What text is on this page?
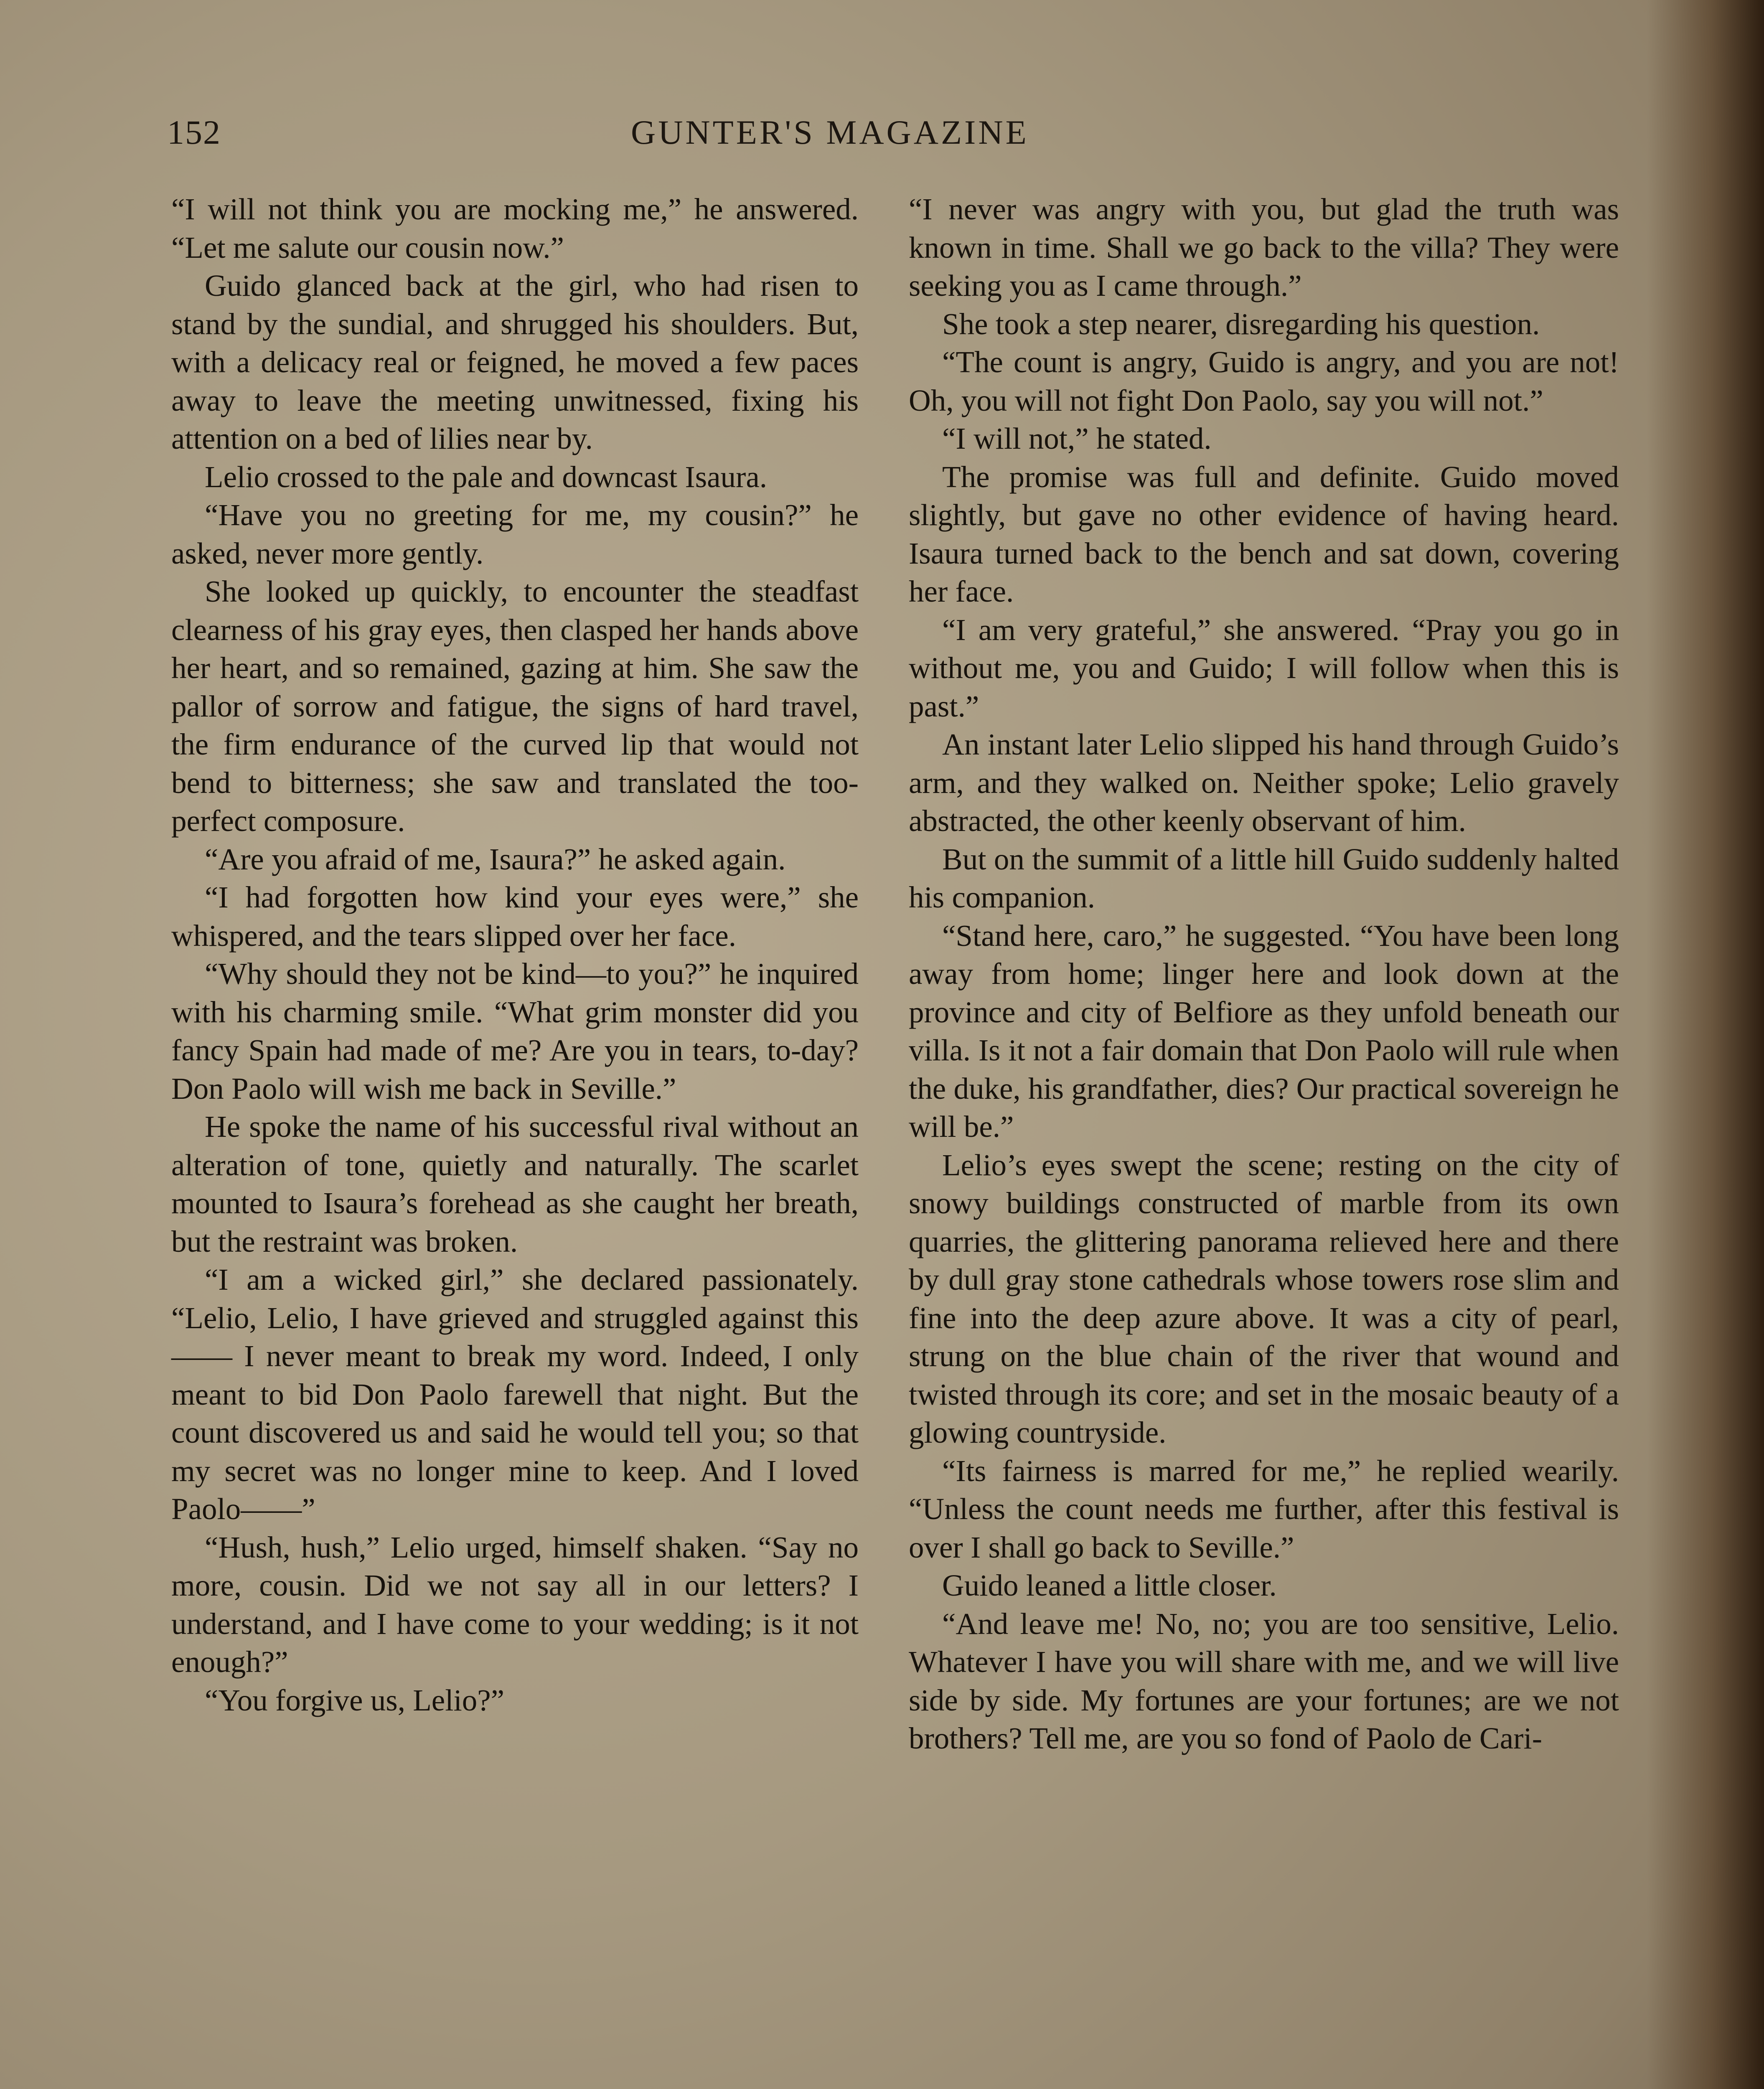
152	GUNTER'S MAGAZINE

“I will not think you are mocking me,” he answered. “Let me salute our cousin now.”

Guido glanced back at the girl, who had risen to stand by the sundial, and shrugged his shoulders. But, with a delicacy real or feigned, he moved a few paces away to leave the meeting unwitnessed, fixing his attention on a bed of lilies near by.

Lelio crossed to the pale and downcast Isaura.

“Have you no greeting for me, my cousin?” he asked, never more gently.

She looked up quickly, to encounter the steadfast clearness of his gray eyes, then clasped her hands above her heart, and so remained, gazing at him. She saw the pallor of sorrow and fatigue, the signs of hard travel, the firm endurance of the curved lip that would not bend to bitterness; she saw and translated the too-perfect composure.

“Are you afraid of me, Isaura?” he asked again.

“I had forgotten how kind your eyes were,” she whispered, and the tears slipped over her face.

“Why should they not be kind—to you?” he inquired with his charming smile. “What grim monster did you fancy Spain had made of me? Are you in tears, to-day? Don Paolo will wish me back in Seville.”

He spoke the name of his successful rival without an alteration of tone, quietly and naturally. The scarlet mounted to Isaura’s forehead as she caught her breath, but the restraint was broken.

“I am a wicked girl,” she declared passionately. “Lelio, Lelio, I have grieved and struggled against this—— I never meant to break my word. Indeed, I only meant to bid Don Paolo farewell that night. But the count discovered us and said he would tell you; so that my secret was no longer mine to keep. And I loved Paolo——”

“Hush, hush,” Lelio urged, himself shaken. “Say no more, cousin. Did we not say all in our letters? I understand, and I have come to your wedding; is it not enough?”

“You forgive us, Lelio?”

“I never was angry with you, but glad the truth was known in time. Shall we go back to the villa? They were seeking you as I came through.”

She took a step nearer, disregarding his question.

“The count is angry, Guido is angry, and you are not! Oh, you will not fight Don Paolo, say you will not.”

“I will not,” he stated.

The promise was full and definite. Guido moved slightly, but gave no other evidence of having heard. Isaura turned back to the bench and sat down, covering her face.

“I am very grateful,” she answered. “Pray you go in without me, you and Guido; I will follow when this is past.”

An instant later Lelio slipped his hand through Guido’s arm, and they walked on. Neither spoke; Lelio gravely abstracted, the other keenly observant of him.

But on the summit of a little hill Guido suddenly halted his companion.

“Stand here, caro,” he suggested. “You have been long away from home; linger here and look down at the province and city of Belfiore as they unfold beneath our villa. Is it not a fair domain that Don Paolo will rule when the duke, his grandfather, dies? Our practical sovereign he will be.”

Lelio’s eyes swept the scene; resting on the city of snowy buildings constructed of marble from its own quarries, the glittering panorama relieved here and there by dull gray stone cathedrals whose towers rose slim and fine into the deep azure above. It was a city of pearl, strung on the blue chain of the river that wound and twisted through its core; and set in the mosaic beauty of a glowing countryside.

“Its fairness is marred for me,” he replied wearily. “Unless the count needs me further, after this festival is over I shall go back to Seville.”

Guido leaned a little closer.

“And leave me! No, no; you are too sensitive, Lelio. Whatever I have you will share with me, and we will live side by side. My fortunes are your fortunes; are we not brothers? Tell me, are you so fond of Paolo de Cari-
